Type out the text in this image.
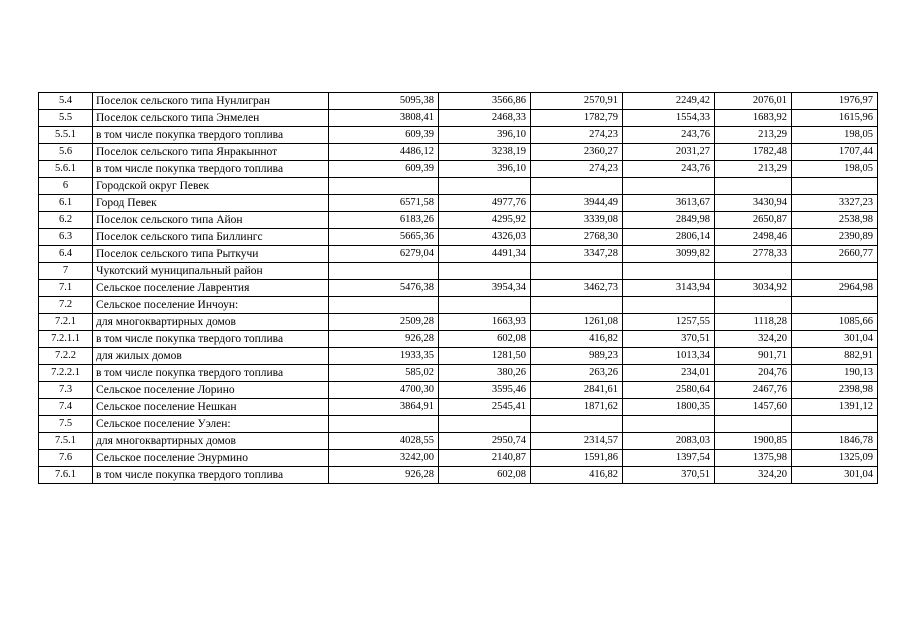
5.4	Поселок сельского типа Нунлигран	5095,38	3566,86	2570,91	2249,42	2076,01	1976,97
5.5	Поселок сельского типа Энмелен	3808,41	2468,33	1782,79	1554,33	1683,92	1615,96
5.5.1	в том числе покупка твердого топлива	609,39	396,10	274,23	243,76	213,29	198,05
5.6	Поселок сельского типа Янракыннот	4486,12	3238,19	2360,27	2031,27	1782,48	1707,44
5.6.1	в том числе покупка твердого топлива	609,39	396,10	274,23	243,76	213,29	198,05
6	Городской округ Певек						
6.1	Город Певек	6571,58	4977,76	3944,49	3613,67	3430,94	3327,23
6.2	Поселок сельского типа Айон	6183,26	4295,92	3339,08	2849,98	2650,87	2538,98
6.3	Поселок сельского типа Биллингс	5665,36	4326,03	2768,30	2806,14	2498,46	2390,89
6.4	Поселок сельского типа Рыткучи	6279,04	4491,34	3347,28	3099,82	2778,33	2660,77
7	Чукотский муниципальный район						
7.1	Сельское поселение Лаврентия	5476,38	3954,34	3462,73	3143,94	3034,92	2964,98
7.2	Сельское поселение Инчоун:						
7.2.1	для многоквартирных домов	2509,28	1663,93	1261,08	1257,55	1118,28	1085,66
7.2.1.1	в том числе покупка твердого топлива	926,28	602,08	416,82	370,51	324,20	301,04
7.2.2	для жилых домов	1933,35	1281,50	989,23	1013,34	901,71	882,91
7.2.2.1	в том числе покупка твердого топлива	585,02	380,26	263,26	234,01	204,76	190,13
7.3	Сельское поселение Лорино	4700,30	3595,46	2841,61	2580,64	2467,76	2398,98
7.4	Сельское поселение Нешкан	3864,91	2545,41	1871,62	1800,35	1457,60	1391,12
7.5	Сельское поселение Уэлен:						
7.5.1	для многоквартирных домов	4028,55	2950,74	2314,57	2083,03	1900,85	1846,78
7.6	Сельское поселение Энурмино	3242,00	2140,87	1591,86	1397,54	1375,98	1325,09
7.6.1	в том числе покупка твердого топлива	926,28	602,08	416,82	370,51	324,20	301,04
